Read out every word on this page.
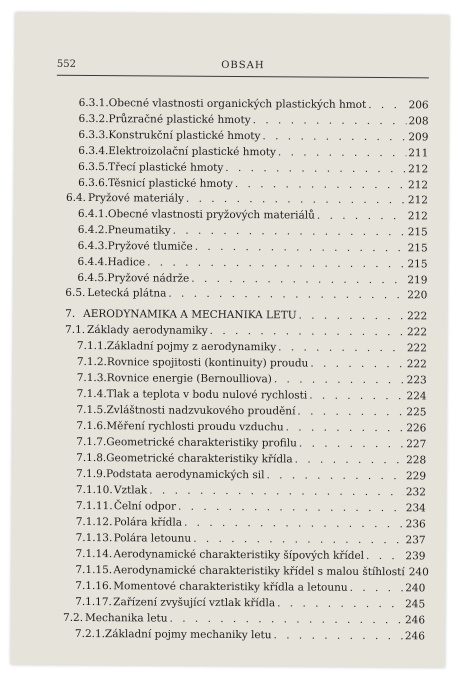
552	OBSAH
6.3.1. Obecné vlastnosti organických plastických hmot . . .	206
6.3.2. Průzračné plastické hmoty . . .	208
6.3.3. Konstrukční plastické hmoty . . .	209
6.3.4. Elektroizolační plastické hmoty . . .	211
6.3.5. Třecí plastické hmoty . . .	212
6.3.6. Těsnicí plastické hmoty . . .	212
6.4. Pryžové materiály . . .	212
6.4.1. Obecné vlastnosti pryžových materiálů . . .	212
6.4.2. Pneumatiky . . .	215
6.4.3. Pryžové tlumiče . . .	215
6.4.4. Hadice . . .	215
6.4.5. Pryžové nádrže . . .	219
6.5. Letecká plátna . . .	220
7. AERODYNAMIKA A MECHANIKA LETU . . .	222
7.1. Základy aerodynamiky . . .	222
7.1.1. Základní pojmy z aerodynamiky . . .	222
7.1.2. Rovnice spojitosti (kontinuity) proudu . . .	222
7.1.3. Rovnice energie (Bernoulliova) . . .	223
7.1.4. Tlak a teplota v bodu nulové rychlosti . . .	224
7.1.5. Zvláštnosti nadzvukového proudění . . .	225
7.1.6. Měření rychlosti proudu vzduchu . . .	226
7.1.7. Geometrické charakteristiky profilu . . .	227
7.1.8. Geometrické charakteristiky křídla . . .	228
7.1.9. Podstata aerodynamických sil . . .	229
7.1.10. Vztlak . . .	232
7.1.11. Čelní odpor . . .	234
7.1.12. Polára křídla . . .	236
7.1.13. Polára letounu . . .	237
7.1.14. Aerodynamické charakteristiky šípových křídel . . .	239
7.1.15. Aerodynamické charakteristiky křídel s malou štíhlostí . . . 240
7.1.16. Momentové charakteristiky křídla a letounu . . .	240
7.1.17. Zařízení zvyšující vztlak křídla . . .	245
7.2. Mechanika letu . . .	246
7.2.1. Základní pojmy mechaniky letu . . .	246
